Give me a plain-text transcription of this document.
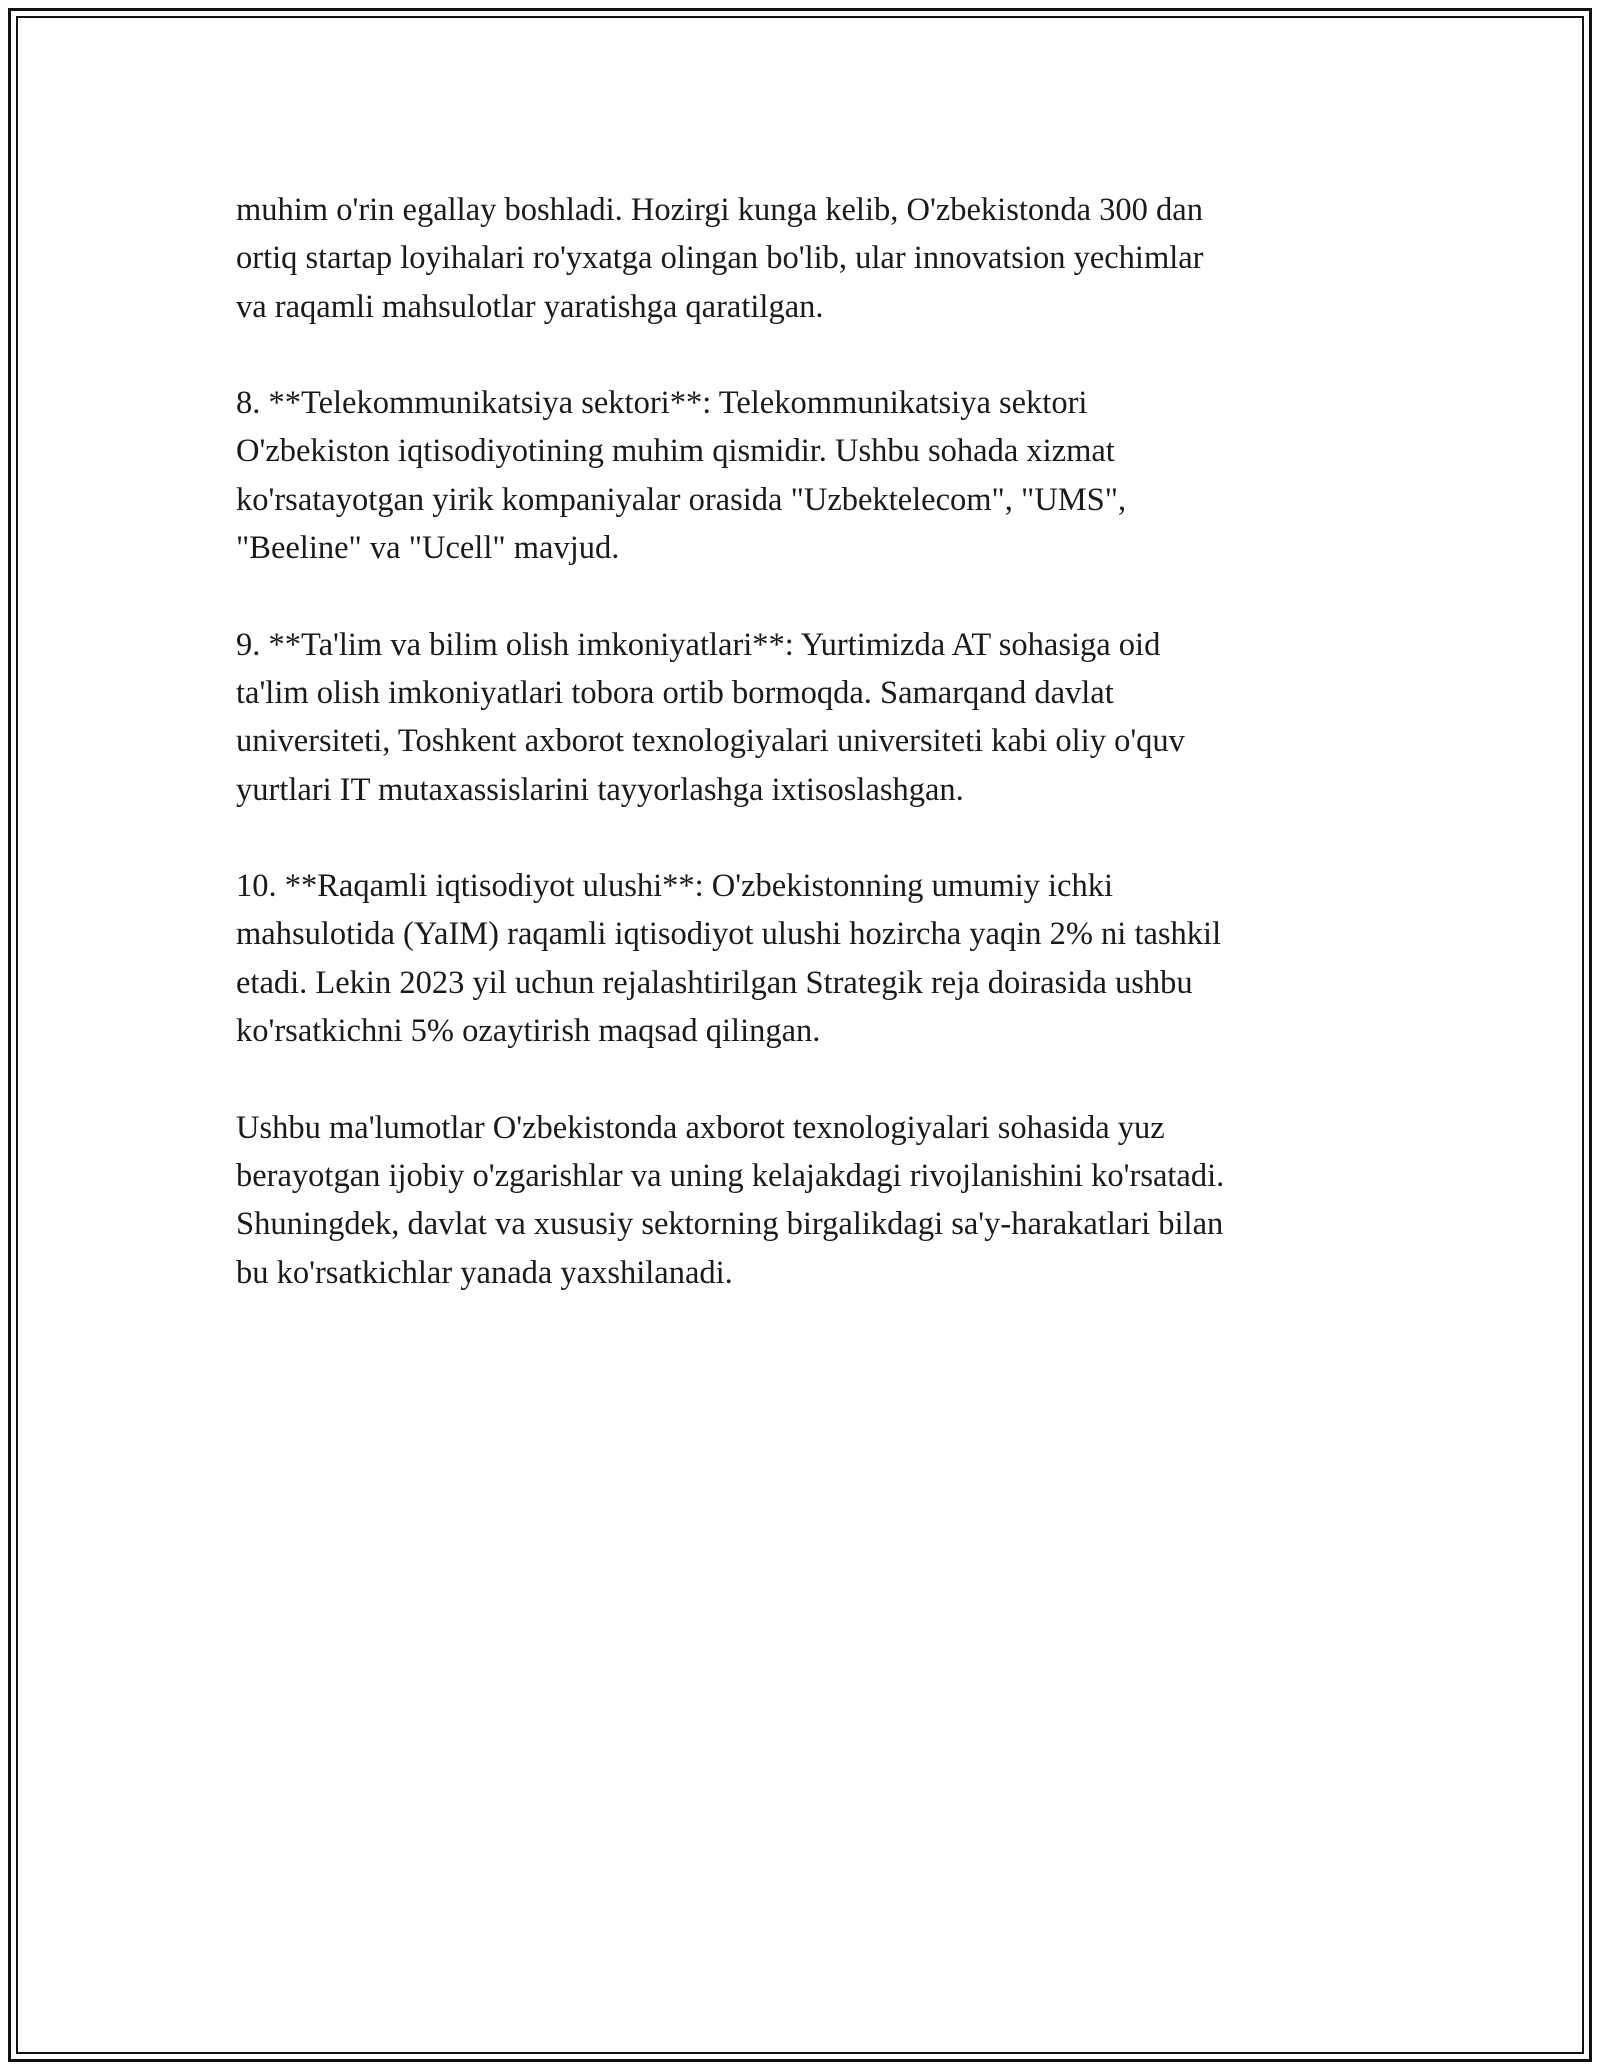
muhim o'rin egallay boshladi. Hozirgi kunga kelib, O'zbekistonda 300 dan
ortiq startap loyihalari ro'yxatga olingan bo'lib, ular innovatsion yechimlar
va raqamli mahsulotlar yaratishga qaratilgan.

8. **Telekommunikatsiya sektori**: Telekommunikatsiya sektori
O'zbekiston iqtisodiyotining muhim qismidir. Ushbu sohada xizmat
ko'rsatayotgan yirik kompaniyalar orasida "Uzbektelecom", "UMS",
"Beeline" va "Ucell" mavjud.

9. **Ta'lim va bilim olish imkoniyatlari**: Yurtimizda AT sohasiga oid
ta'lim olish imkoniyatlari tobora ortib bormoqda. Samarqand davlat
universiteti, Toshkent axborot texnologiyalari universiteti kabi oliy o'quv
yurtlari IT mutaxassislarini tayyorlashga ixtisoslashgan.

10. **Raqamli iqtisodiyot ulushi**: O'zbekistonning umumiy ichki
mahsulotida (YaIM) raqamli iqtisodiyot ulushi hozircha yaqin 2% ni tashkil
etadi. Lekin 2023 yil uchun rejalashtirilgan Strategik reja doirasida ushbu
ko'rsatkichni 5% ozaytirish maqsad qilingan.

Ushbu ma'lumotlar O'zbekistonda axborot texnologiyalari sohasida yuz
berayotgan ijobiy o'zgarishlar va uning kelajakdagi rivojlanishini ko'rsatadi.
Shuningdek, davlat va xususiy sektorning birgalikdagi sa'y-harakatlari bilan
bu ko'rsatkichlar yanada yaxshilanadi.
